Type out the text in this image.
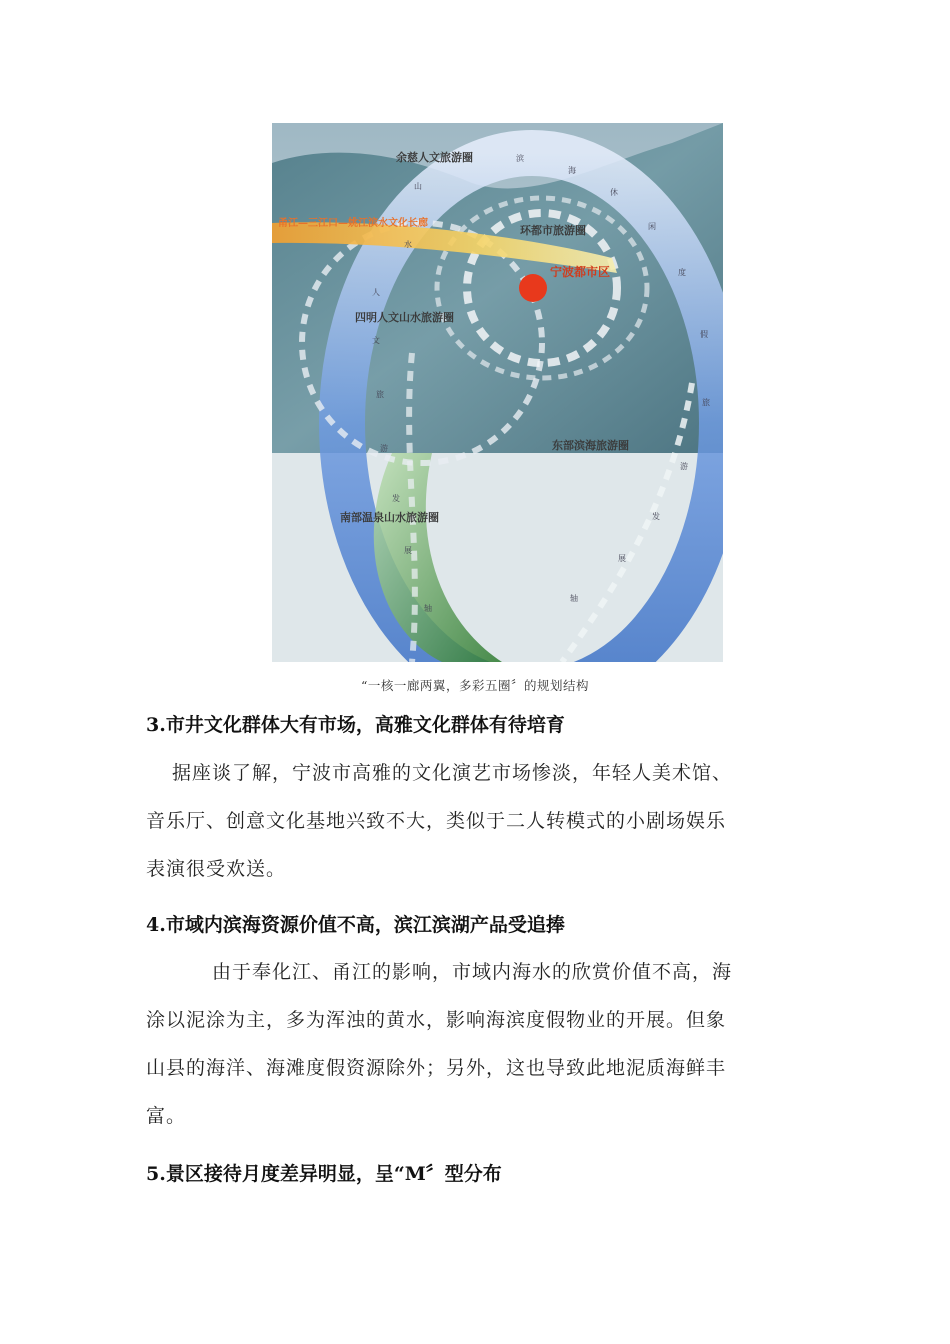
余慈人文旅游圈
甬江—三江口—姚江滨水文化长廊
环都市旅游圈
宁波都市区
四明人文山水旅游圈
东部滨海旅游圈
南部温泉山水旅游圈
滨
海
休
闲
度
假
旅
游
发
展
轴
山
水
人
文
旅
游
发
展
轴
“一核一廊两翼，多彩五圈〞的规划结构
3.市井文化群体大有市场，高雅文化群体有待培育
据座谈了解，宁波市高雅的文化演艺市场惨淡，年轻人美术馆、
音乐厅、创意文化基地兴致不大，类似于二人转模式的小剧场娱乐
表演很受欢送。
4.市域内滨海资源价值不高，滨江滨湖产品受追捧
由于奉化江、甬江的影响，市域内海水的欣赏价值不高，海
涂以泥涂为主，多为浑浊的黄水，影响海滨度假物业的开展。但象
山县的海洋、海滩度假资源除外；另外，这也导致此地泥质海鲜丰
富。
5.景区接待月度差异明显，呈“M〞型分布
